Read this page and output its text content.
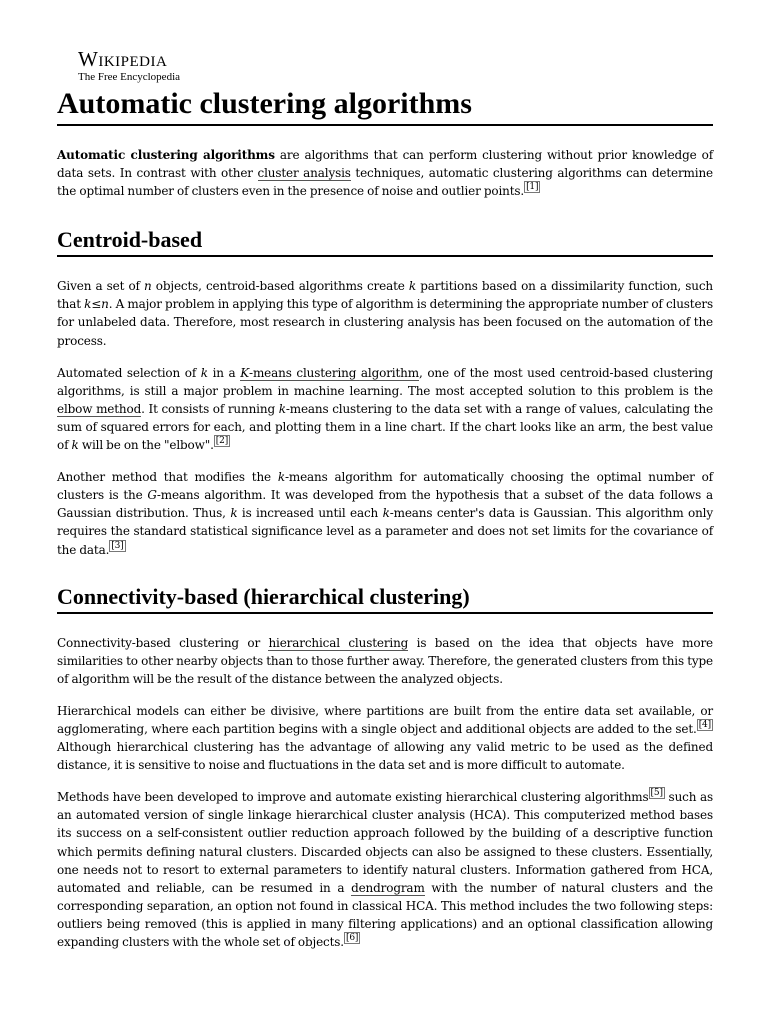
Wikipedia
The Free Encyclopedia
Automatic clustering algorithms

Automatic clustering algorithms are algorithms that can perform clustering without prior knowledge of data sets. In contrast with other cluster analysis techniques, automatic clustering algorithms can determine the optimal number of clusters even in the presence of noise and outlier points. [1]

Centroid-based

Given a set of n objects, centroid-based algorithms create k partitions based on a dissimilarity function, such that k≤n. A major problem in applying this type of algorithm is determining the appropriate number of clusters for unlabeled data. Therefore, most research in clustering analysis has been focused on the automation of the process.

Automated selection of k in a K-means clustering algorithm, one of the most used centroid-based clustering algorithms, is still a major problem in machine learning. The most accepted solution to this problem is the elbow method. It consists of running k-means clustering to the data set with a range of values, calculating the sum of squared errors for each, and plotting them in a line chart. If the chart looks like an arm, the best value of k will be on the "elbow". [2]

Another method that modifies the k-means algorithm for automatically choosing the optimal number of clusters is the G-means algorithm. It was developed from the hypothesis that a subset of the data follows a Gaussian distribution. Thus, k is increased until each k-means center's data is Gaussian. This algorithm only requires the standard statistical significance level as a parameter and does not set limits for the covariance of the data. [3]

Connectivity-based (hierarchical clustering)

Connectivity-based clustering or hierarchical clustering is based on the idea that objects have more similarities to other nearby objects than to those further away. Therefore, the generated clusters from this type of algorithm will be the result of the distance between the analyzed objects.

Hierarchical models can either be divisive, where partitions are built from the entire data set available, or agglomerating, where each partition begins with a single object and additional objects are added to the set. [4] Although hierarchical clustering has the advantage of allowing any valid metric to be used as the defined distance, it is sensitive to noise and fluctuations in the data set and is more difficult to automate.

Methods have been developed to improve and automate existing hierarchical clustering algorithms [5] such as an automated version of single linkage hierarchical cluster analysis (HCA). This computerized method bases its success on a self-consistent outlier reduction approach followed by the building of a descriptive function which permits defining natural clusters. Discarded objects can also be assigned to these clusters. Essentially, one needs not to resort to external parameters to identify natural clusters. Information gathered from HCA, automated and reliable, can be resumed in a dendrogram with the number of natural clusters and the corresponding separation, an option not found in classical HCA. This method includes the two following steps: outliers being removed (this is applied in many filtering applications) and an optional classification allowing expanding clusters with the whole set of objects. [6]
